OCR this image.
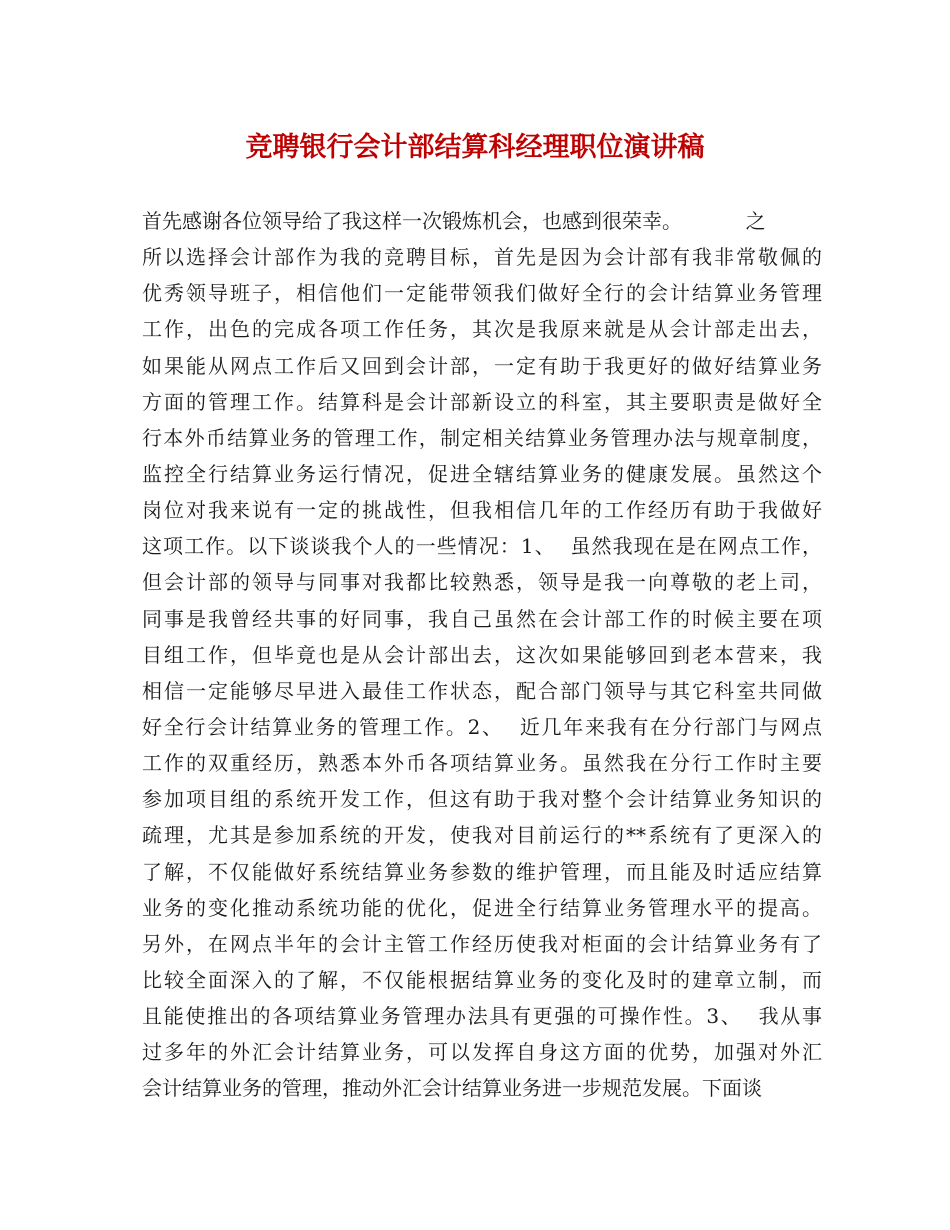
竞聘银行会计部结算科经理职位演讲稿
首先感谢各位领导给了我这样一次锻炼机会，也感到很荣幸。          之
所以选择会计部作为我的竞聘目标，首先是因为会计部有我非常敬佩的
优秀领导班子，相信他们一定能带领我们做好全行的会计结算业务管理
工作，出色的完成各项工作任务，其次是我原来就是从会计部走出去，
如果能从网点工作后又回到会计部，一定有助于我更好的做好结算业务
方面的管理工作。结算科是会计部新设立的科室，其主要职责是做好全
行本外币结算业务的管理工作，制定相关结算业务管理办法与规章制度，
监控全行结算业务运行情况，促进全辖结算业务的健康发展。虽然这个
岗位对我来说有一定的挑战性，但我相信几年的工作经历有助于我做好
这项工作。以下谈谈我个人的一些情况：1、  虽然我现在是在网点工作，
但会计部的领导与同事对我都比较熟悉，领导是我一向尊敬的老上司，
同事是我曾经共事的好同事，我自己虽然在会计部工作的时候主要在项
目组工作，但毕竟也是从会计部出去，这次如果能够回到老本营来，我
相信一定能够尽早进入最佳工作状态，配合部门领导与其它科室共同做
好全行会计结算业务的管理工作。2、  近几年来我有在分行部门与网点
工作的双重经历，熟悉本外币各项结算业务。虽然我在分行工作时主要
参加项目组的系统开发工作，但这有助于我对整个会计结算业务知识的
疏理，尤其是参加系统的开发，使我对目前运行的**系统有了更深入的
了解，不仅能做好系统结算业务参数的维护管理，而且能及时适应结算
业务的变化推动系统功能的优化，促进全行结算业务管理水平的提高。
另外，在网点半年的会计主管工作经历使我对柜面的会计结算业务有了
比较全面深入的了解，不仅能根据结算业务的变化及时的建章立制，而
且能使推出的各项结算业务管理办法具有更强的可操作性。3、  我从事
过多年的外汇会计结算业务，可以发挥自身这方面的优势，加强对外汇
会计结算业务的管理，推动外汇会计结算业务进一步规范发展。下面谈
